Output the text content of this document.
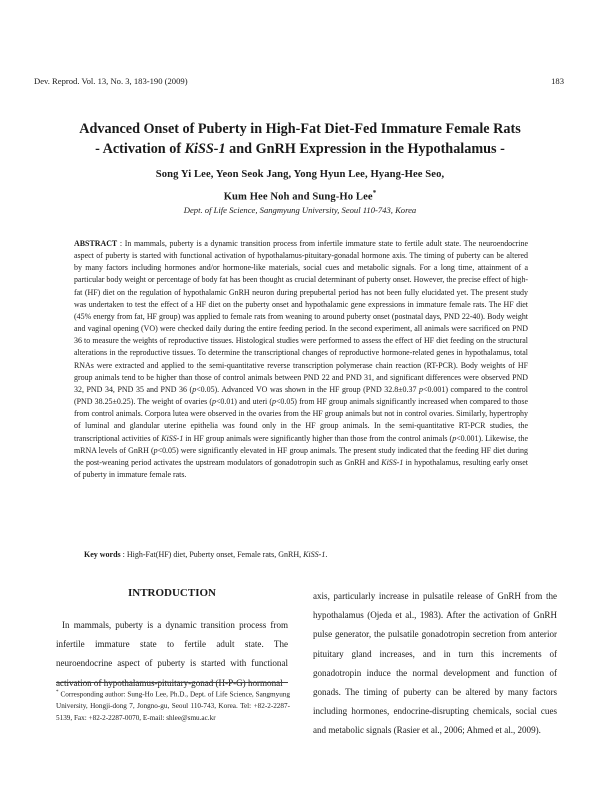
Dev. Reprod. Vol. 13, No. 3, 183-190 (2009)	183
Advanced Onset of Puberty in High-Fat Diet-Fed Immature Female Rats
- Activation of KiSS-1 and GnRH Expression in the Hypothalamus -
Song Yi Lee, Yeon Seok Jang, Yong Hyun Lee, Hyang-Hee Seo,
Kum Hee Noh and Sung-Ho Lee*
Dept. of Life Science, Sangmyung University, Seoul 110-743, Korea

ABSTRACT : In mammals, puberty is a dynamic transition process from infertile immature state to fertile adult state. The neuroendocrine aspect of puberty is started with functional activation of hypothalamus-pituitary-gonadal hormone axis. The timing of puberty can be altered by many factors including hormones and/or hormone-like materials, social cues and metabolic signals. For a long time, attainment of a particular body weight or percentage of body fat has been thought as crucial determinant of puberty onset. However, the precise effect of high-fat (HF) diet on the regulation of hypothalamic GnRH neuron during prepubertal period has not been fully elucidated yet. The present study was undertaken to test the effect of a HF diet on the puberty onset and hypothalamic gene expressions in immature female rats. The HF diet (45% energy from fat, HF group) was applied to female rats from weaning to around puberty onset (postnatal days, PND 22-40). Body weight and vaginal opening (VO) were checked daily during the entire feeding period. In the second experiment, all animals were sacrificed on PND 36 to measure the weights of reproductive tissues. Histological studies were performed to assess the effect of HF diet feeding on the structural alterations in the reproductive tissues. To determine the transcriptional changes of reproductive hormone-related genes in hypothalamus, total RNAs were extracted and applied to the semi-quantitative reverse transcription polymerase chain reaction (RT-PCR). Body weights of HF group animals tend to be higher than those of control animals between PND 22 and PND 31, and significant differences were observed PND 32, PND 34, PND 35 and PND 36 (p<0.05). Advanced VO was shown in the HF group (PND 32.8±0.37 p<0.001) compared to the control (PND 38.25±0.25). The weight of ovaries (p<0.01) and uteri (p<0.05) from HF group animals significantly increased when compared to those from control animals. Corpora lutea were observed in the ovaries from the HF group animals but not in control ovaries. Similarly, hypertrophy of luminal and glandular uterine epithelia was found only in the HF group animals. In the semi-quantitative RT-PCR studies, the transcriptional activities of KiSS-1 in HF group animals were significantly higher than those from the control animals (p<0.001). Likewise, the mRNA levels of GnRH (p<0.05) were significantly elevated in HF group animals. The present study indicated that the feeding HF diet during the post-weaning period activates the upstream modulators of gonadotropin such as GnRH and KiSS-1 in hypothalamus, resulting early onset of puberty in immature female rats.

Key words : High-Fat(HF) diet, Puberty onset, Female rats, GnRH, KiSS-1.
INTRODUCTION

In mammals, puberty is a dynamic transition process from infertile immature state to fertile adult state. The neuroendocrine aspect of puberty is started with functional activation of hypothalamus-pituitary-gonad (H-P-G) hormonal

axis, particularly increase in pulsatile release of GnRH from the hypothalamus (Ojeda et al., 1983). After the activation of GnRH pulse generator, the pulsatile gonadotropin secretion from anterior pituitary gland increases, and in turn this increments of gonadotropin induce the normal development and function of gonads. The timing of puberty can be altered by many factors including hormones, endocrine-disrupting chemicals, social cues and metabolic signals (Rasier et al., 2006; Ahmed et al., 2009).

* Corresponding author: Sung-Ho Lee, Ph.D., Dept. of Life Science, Sangmyung University, Hongji-dong 7, Jongno-gu, Seoul 110-743, Korea. Tel: +82-2-2287-5139, Fax: +82-2-2287-0070, E-mail: shlee@smu.ac.kr
